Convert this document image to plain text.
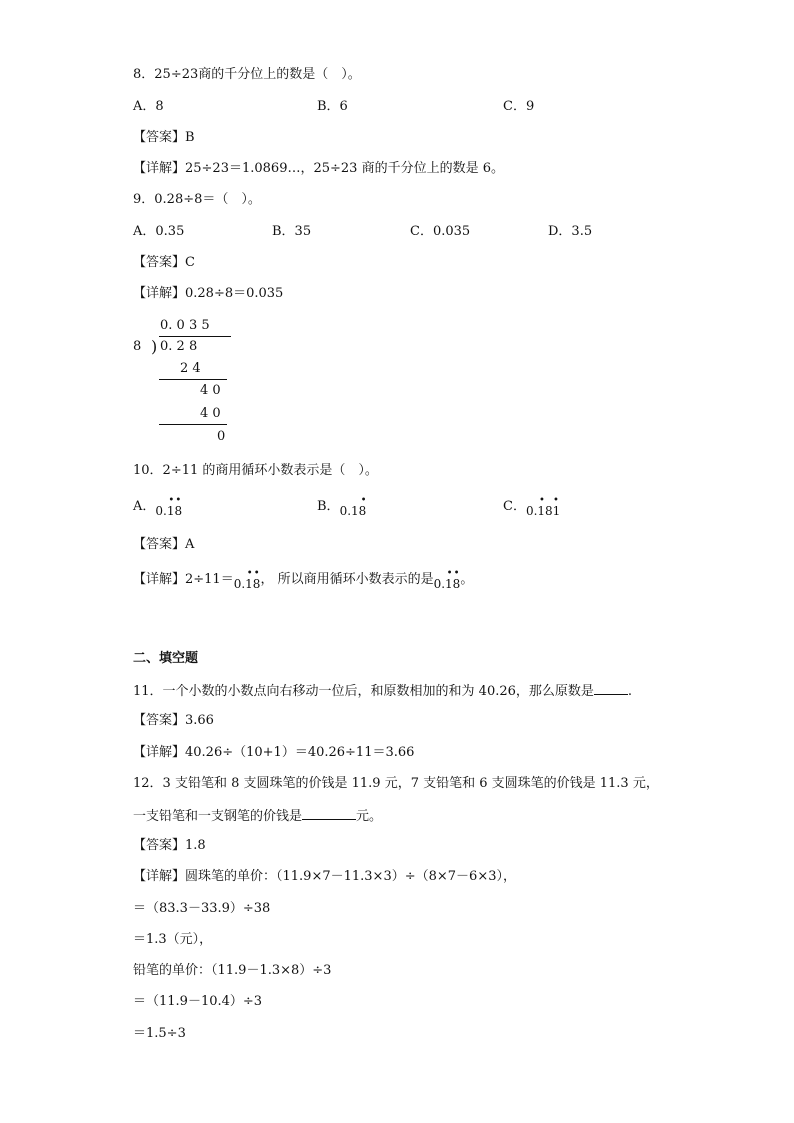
8．25÷23商的千分位上的数是（　）。
A．8	B．6	C．9
【答案】B
【详解】25÷23＝1.0869…，25÷23 商的千分位上的数是 6。
9．0.28÷8＝（　）。
A．0.35	B．35	C．0.035	D．3.5
【答案】C
【详解】0.28÷8＝0.035
0. 0 3 5
8 ) 0. 2 8
2 4
4 0
4 0
0
10．2÷11 的商用循环小数表示是（　）。
A．0.18
• •	B．0.18
•	C．0.181
• •
【答案】A
【详解】2÷11＝0.18
• • ， 所以商用循环小数表示的是0.18
• • 。
二、填空题
11．一个小数的小数点向右移动一位后，和原数相加的和为 40.26，那么原数是	.
【答案】3.66
【详解】40.26÷（10+1）＝40.26÷11＝3.66
12．3 支铅笔和 8 支圆珠笔的价钱是 11.9 元，7 支铅笔和 6 支圆珠笔的价钱是 11.3 元，
一支铅笔和一支钢笔的价钱是	元。
【答案】1.8
【详解】圆珠笔的单价：（11.9×7－11.3×3）÷（8×7－6×3），
＝（83.3－33.9）÷38
＝1.3（元），
铅笔的单价：（11.9－1.3×8）÷3
＝（11.9－10.4）÷3
＝1.5÷3
